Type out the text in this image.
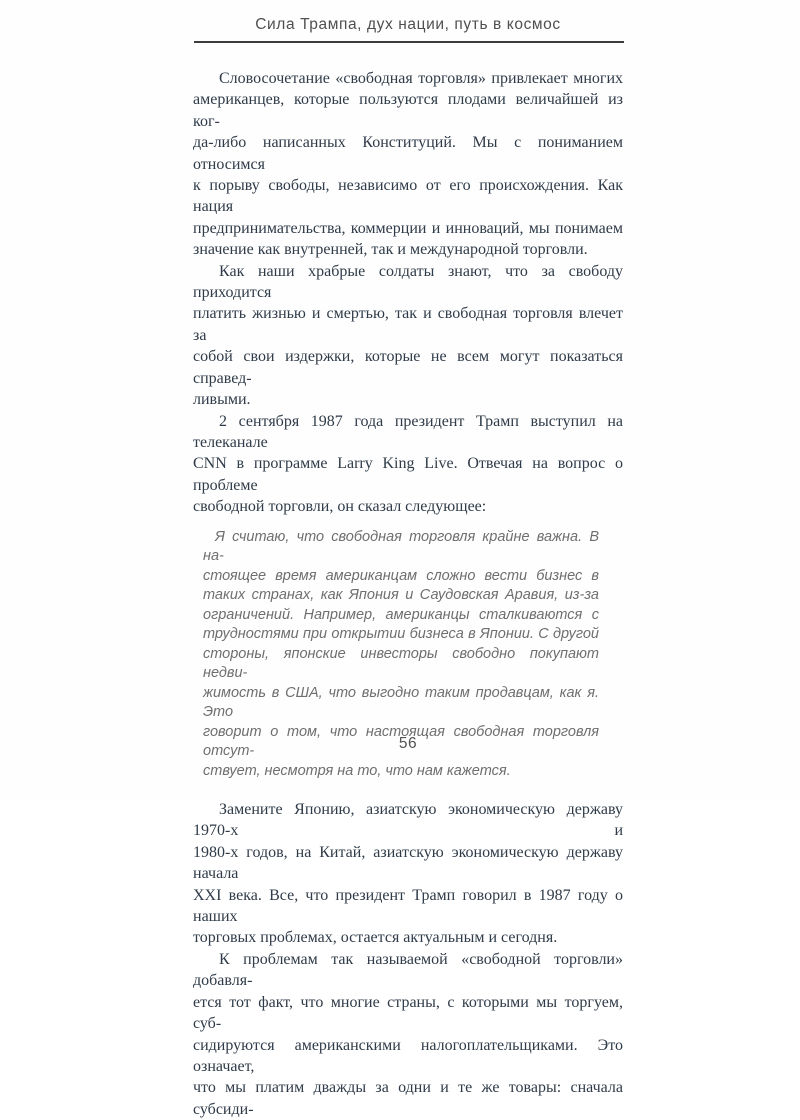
Сила Трампа, дух нации, путь в космос
Словосочетание «свободная торговля» привлекает многих
американцев, которые пользуются плодами величайшей из ког-
да-либо написанных Конституций. Мы с пониманием относимся
к порыву свободы, независимо от его происхождения. Как нация
предпринимательства, коммерции и инноваций, мы понимаем
значение как внутренней, так и международной торговли.
Как наши храбрые солдаты знают, что за свободу приходится
платить жизнью и смертью, так и свободная торговля влечет за
собой свои издержки, которые не всем могут показаться справед-
ливыми.
2 сентября 1987 года президент Трамп выступил на телеканале
CNN в программе Larry King Live. Отвечая на вопрос о проблеме
свободной торговли, он сказал следующее:
Я считаю, что свободная торговля крайне важна. В на-
стоящее время американцам сложно вести бизнес в
таких странах, как Япония и Саудовская Аравия, из-за
ограничений. Например, американцы сталкиваются с
трудностями при открытии бизнеса в Японии. С другой
стороны, японские инвесторы свободно покупают недви-
жимость в США, что выгодно таким продавцам, как я. Это
говорит о том, что настоящая свободная торговля отсут-
ствует, несмотря на то, что нам кажется.
Замените Японию, азиатскую экономическую державу 1970-х и
1980-х годов, на Китай, азиатскую экономическую державу начала
XXI века. Все, что президент Трамп говорил в 1987 году о наших
торговых проблемах, остается актуальным и сегодня.
К проблемам так называемой «свободной торговли» добавля-
ется тот факт, что многие страны, с которыми мы торгуем, суб-
сидируются американскими налогоплательщиками. Это означает,
что мы платим дважды за одни и те же товары: сначала субсиди-
56
